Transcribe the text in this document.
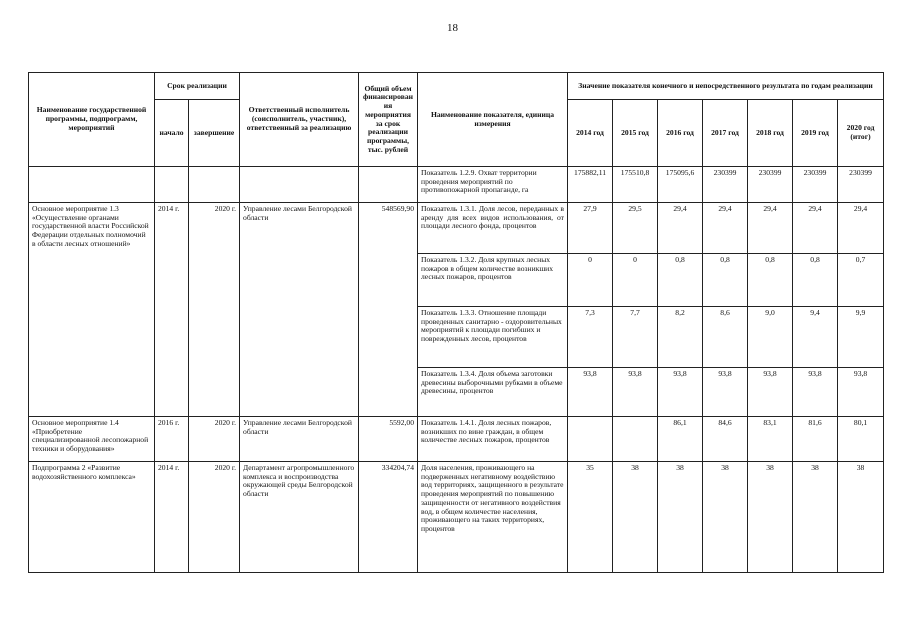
18
Наименование государственной программы, подпрограмм, мероприятий	Срок реализации		Ответственный исполнитель (соисполнитель, участник), ответственный за реализацию	Общий объем финансирования мероприятия за срок реализации программы, тыс. рублей	Наименование показателя, единица измерения	Значение показателя конечного и непосредственного результата по годам реализации						
	начало	завершение				2014 год	2015 год	2016 год	2017 год	2018 год	2019 год	2020 год (итог)
					Показатель 1.2.9. Охват территории проведения мероприятий по противопожарной пропаганде, га	175882,11	175510,8	175095,6	230399	230399	230399	230399
Основное мероприятие 1.3 «Осуществление органами государственной власти Российской Федерации отдельных полномочий в области лесных отношений»	2014 г.	2020 г.	Управление лесами Белгородской области	548569,90	Показатель 1.3.1. Доля лесов, переданных в аренду для всех видов использования, от площади лесного фонда, процентов	27,9	29,5	29,4	29,4	29,4	29,4	29,4
					Показатель 1.3.2. Доля крупных лесных пожаров в общем количестве возникших лесных пожаров, процентов	0	0	0,8	0,8	0,8	0,8	0,7
					Показатель 1.3.3. Отношение площади проведенных санитарно - оздоровительных мероприятий к площади погибших и поврежденных лесов, процентов	7,3	7,7	8,2	8,6	9,0	9,4	9,9
					Показатель 1.3.4. Доля объема заготовки древесины выборочными рубками в объеме древесины, процентов	93,8	93,8	93,8	93,8	93,8	93,8	93,8
Основное мероприятие 1.4 «Приобретение специализированной лесопожарной техники и оборудования»	2016 г.	2020 г.	Управление лесами Белгородской области	5592,00	Показатель 1.4.1. Доля лесных пожаров, возникших по вине граждан, в общем количестве лесных пожаров, процентов			86,1	84,6	83,1	81,6	80,1
Подпрограмма 2 «Развитие водохозяйственного комплекса»	2014 г.	2020 г.	Департамент агропромышленного комплекса и воспроизводства окружающей среды Белгородской области	334204,74	Доля населения, проживающего на подверженных негативному воздействию вод территориях, защищенного в результате проведения мероприятий по повышению защищенности от негативного воздействия вод, в общем количестве населения, проживающего на таких территориях, процентов	35	38	38	38	38	38	38
